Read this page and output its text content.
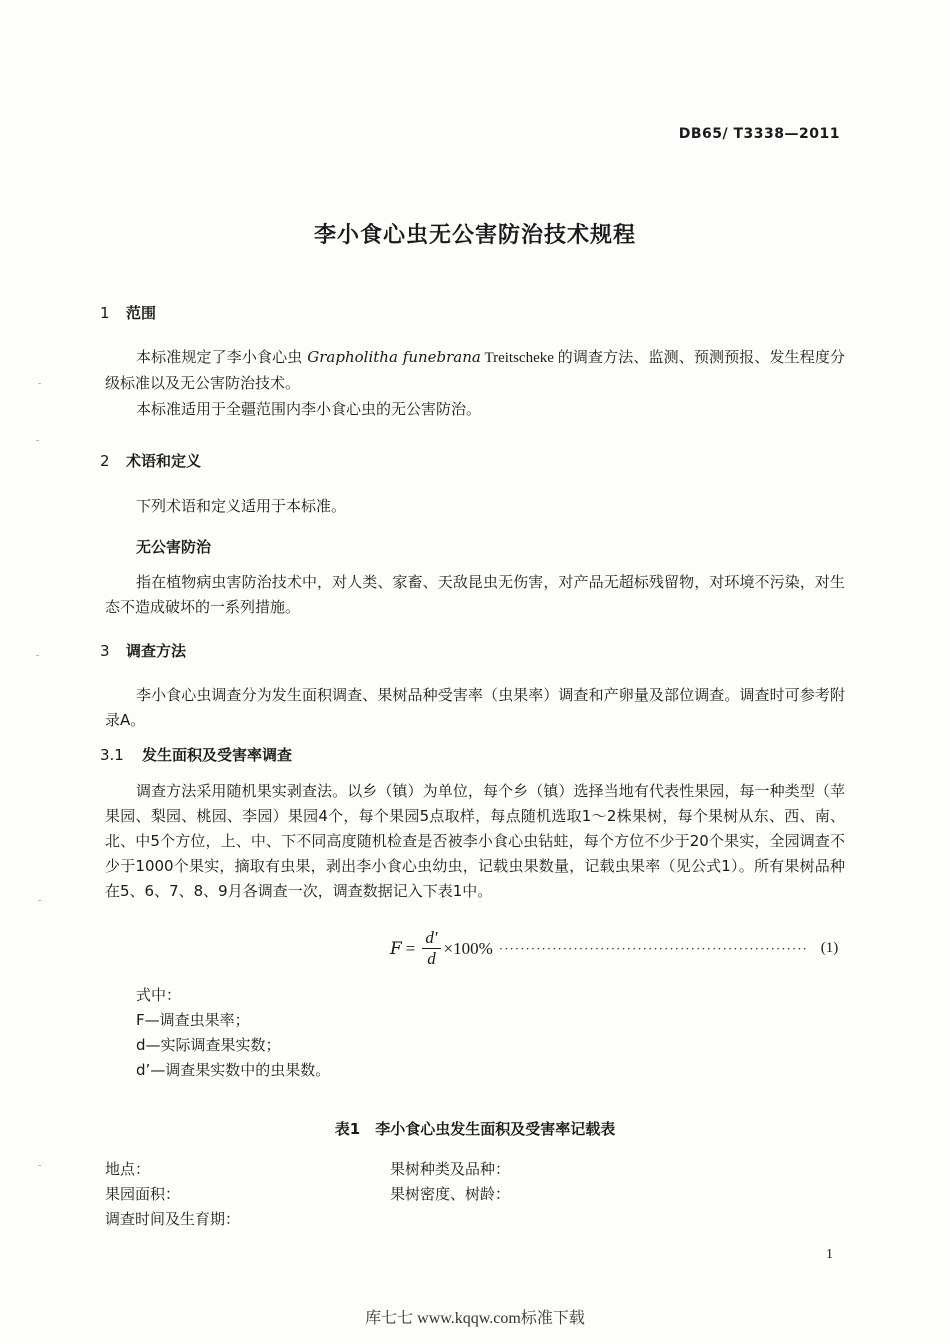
DB65/ T3338—2011
李小食心虫无公害防治技术规程
1 范围
本标准规定了李小食心虫 Grapholitha funebrana Treitscheke 的调查方法、监测、预测预报、发生程度分级标准以及无公害防治技术。
本标准适用于全疆范围内李小食心虫的无公害防治。
2 术语和定义
下列术语和定义适用于本标准。
无公害防治
指在植物病虫害防治技术中，对人类、家畜、天敌昆虫无伤害，对产品无超标残留物，对环境不污染，对生态不造成破坏的一系列措施。
3 调查方法
李小食心虫调查分为发生面积调查、果树品种受害率（虫果率）调查和产卵量及部位调查。调查时可参考附录A。
3.1 发生面积及受害率调查
调查方法采用随机果实剥查法。以乡（镇）为单位，每个乡（镇）选择当地有代表性果园，每一种类型（苹果园、梨园、桃园、李园）果园4个，每个果园5点取样，每点随机选取1～2株果树，每个果树从东、西、南、北、中5个方位，上、中、下不同高度随机检查是否被李小食心虫钻蛀，每个方位不少于20个果实，全园调查不少于1000个果实，摘取有虫果，剥出李小食心虫幼虫，记载虫果数量，记载虫果率（见公式1）。所有果树品种在5、6、7、8、9月各调查一次，调查数据记入下表1中。
$F = \frac{d'}{d} \times 100\%$ ·························································· (1)
式中：
F—调查虫果率；
d—实际调查果实数；
d’—调查果实数中的虫果数。
表1　李小食心虫发生面积及受害率记载表
地点：	果树种类及品种：
果园面积：	果树密度、树龄：
调查时间及生育期：
1
库七七 www.kqqw.com标准下载
